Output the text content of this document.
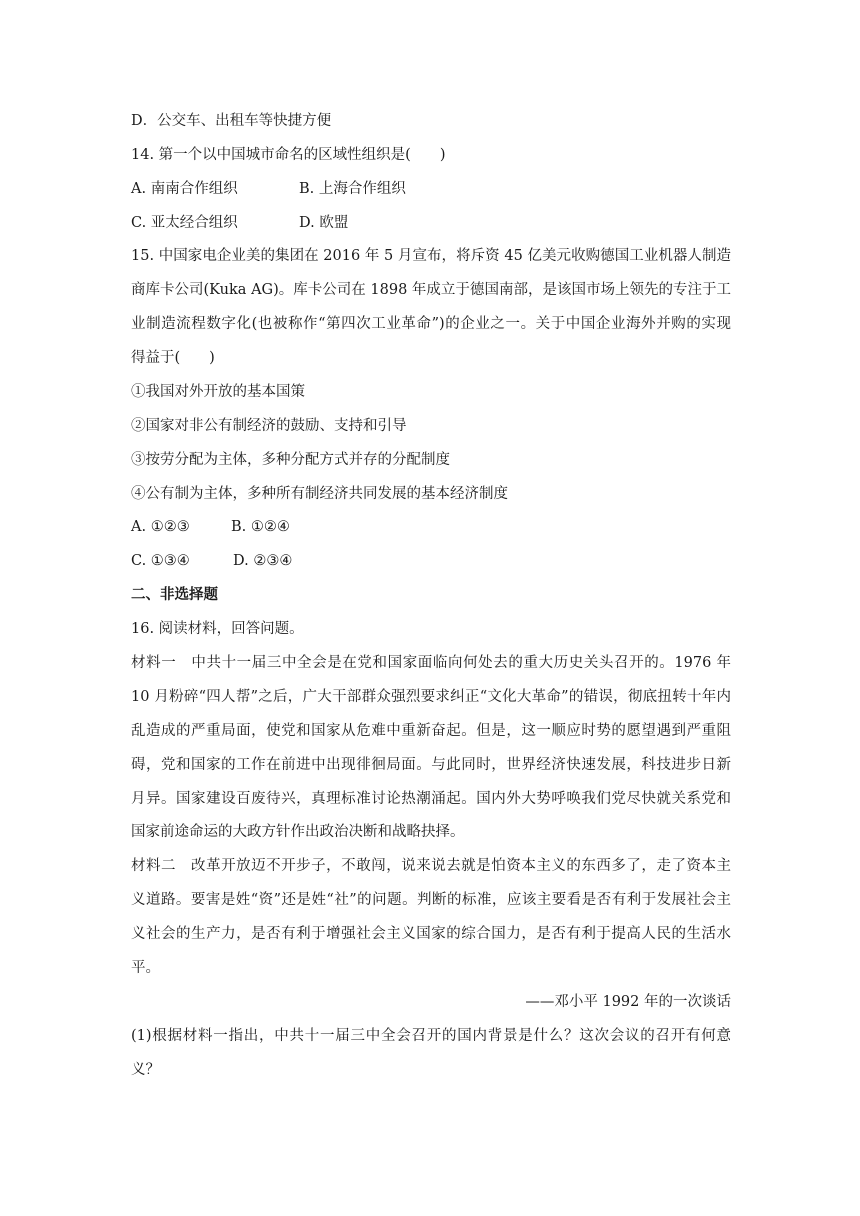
D．公交车、出租车等快捷方便
14. 第一个以中国城市命名的区域性组织是(　　)
A. 南南合作组织	B. 上海合作组织
C. 亚太经合组织	D. 欧盟
15. 中国家电企业美的集团在 2016 年 5 月宣布，将斥资 45 亿美元收购德国工业机器人制造
商库卡公司(Kuka AG)。库卡公司在 1898 年成立于德国南部，是该国市场上领先的专注于工
业制造流程数字化(也被称作“第四次工业革命”)的企业之一。关于中国企业海外并购的实现
得益于(　　)
①我国对外开放的基本国策
②国家对非公有制经济的鼓励、支持和引导
③按劳分配为主体，多种分配方式并存的分配制度
④公有制为主体，多种所有制经济共同发展的基本经济制度
A. ①②③	B. ①②④
C. ①③④	D. ②③④
二、非选择题
16. 阅读材料，回答问题。
材料一　中共十一届三中全会是在党和国家面临向何处去的重大历史关头召开的。1976 年
10 月粉碎“四人帮”之后，广大干部群众强烈要求纠正“文化大革命”的错误，彻底扭转十年内
乱造成的严重局面，使党和国家从危难中重新奋起。但是，这一顺应时势的愿望遇到严重阻
碍，党和国家的工作在前进中出现徘徊局面。与此同时，世界经济快速发展，科技进步日新
月异。国家建设百废待兴，真理标准讨论热潮涌起。国内外大势呼唤我们党尽快就关系党和
国家前途命运的大政方针作出政治决断和战略抉择。
材料二　改革开放迈不开步子，不敢闯，说来说去就是怕资本主义的东西多了，走了资本主
义道路。要害是姓“资”还是姓“社”的问题。判断的标准，应该主要看是否有利于发展社会主
义社会的生产力，是否有利于增强社会主义国家的综合国力，是否有利于提高人民的生活水
平。
——邓小平 1992 年的一次谈话
(1)根据材料一指出，中共十一届三中全会召开的国内背景是什么？这次会议的召开有何意
义？
